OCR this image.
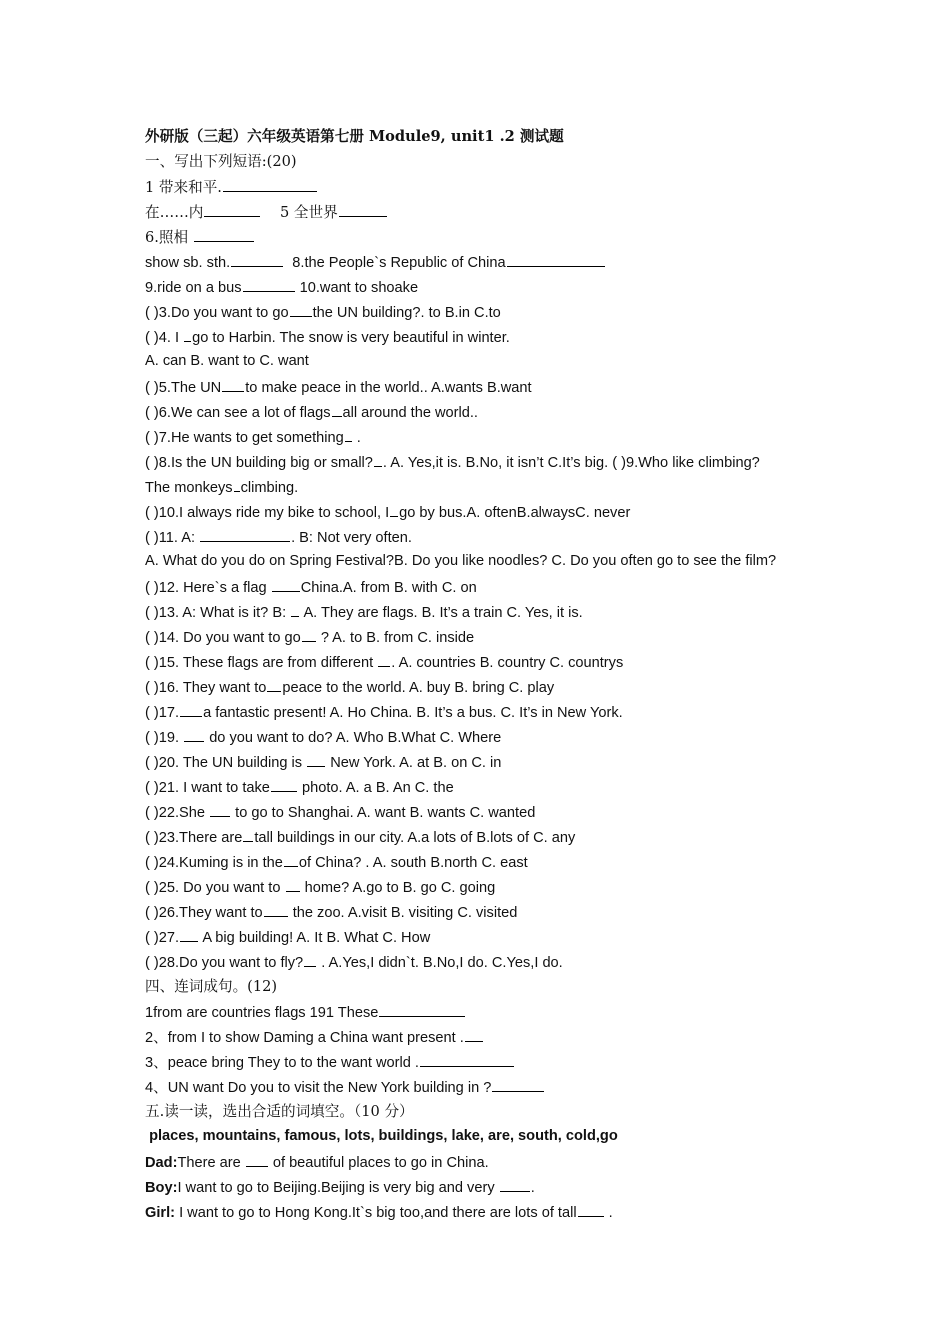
外研版（三起）六年级英语第七册 Module9, unit1 .2 测试题
一、写出下列短语:(20)
1 带来和平.
在……内	5 全世界
6.照相
show sb. sth.	8.the People`s Republic of China
9.ride on a bus	10.want to shoake
( )3.Do you want to go the UN building?. to B.in C.to
( )4. I go to Harbin. The snow is very beautiful in winter.
A. can B. want to C. want
( )5.The UN to make peace in the world.. A.wants B.want
( )6.We can see a lot of flags all around the world..
( )7.He wants to get something .
( )8.Is the UN building big or small? . A. Yes,it is. B.No, it isn’t C.It’s big. ( )9.Who like climbing?
The monkeys climbing.
( )10.I always ride my bike to school, I go by bus.A. oftenB.alwaysC. never
( )11. A:	. B: Not very often.
A. What do you do on Spring Festival?B. Do you like noodles? C. Do you often go to see the film?
( )12. Here`s a flag China.A. from B. with C. on
( )13. A: What is it? B: A. They are flags. B. It’s a train C. Yes, it is.
( )14. Do you want to go ? A. to B. from C. inside
( )15. These flags are from different . A. countries B. country C. countrys
( )16. They want to peace to the world. A. buy B. bring C. play
( )17. a fantastic present! A. Ho China. B. It’s a bus. C. It’s in New York.
( )19. do you want to do? A. Who B.What C. Where
( )20. The UN building is New York. A. at B. on C. in
( )21. I want to take photo. A. a B. An C. the
( )22.She to go to Shanghai. A. want B. wants C. wanted
( )23.There are tall buildings in our city. A.a lots of B.lots of C. any
( )24.Kuming is in the of China? . A. south B.north C. east
( )25. Do you want to home? A.go to B. go C. going
( )26.They want to the zoo. A.visit B. visiting C. visited
( )27. A big building! A. It B. What C. How
( )28.Do you want to fly? . A.Yes,I didn`t. B.No,I do. C.Yes,I do.
四、连词成句。(12)
1from are countries flags 191 These
2、from I to show Daming a China want present .
3、peace bring They to to the want world .
4、UN want Do you to visit the New York building in ?
五.读一读，选出合适的词填空。（10 分）
places, mountains, famous, lots, buildings, lake, are, south, cold,go
Dad:There are of beautiful places to go in China.
Boy:I want to go to Beijing.Beijing is very big and very .
Girl: I want to go to Hong Kong.It`s big too,and there are lots of tall .
